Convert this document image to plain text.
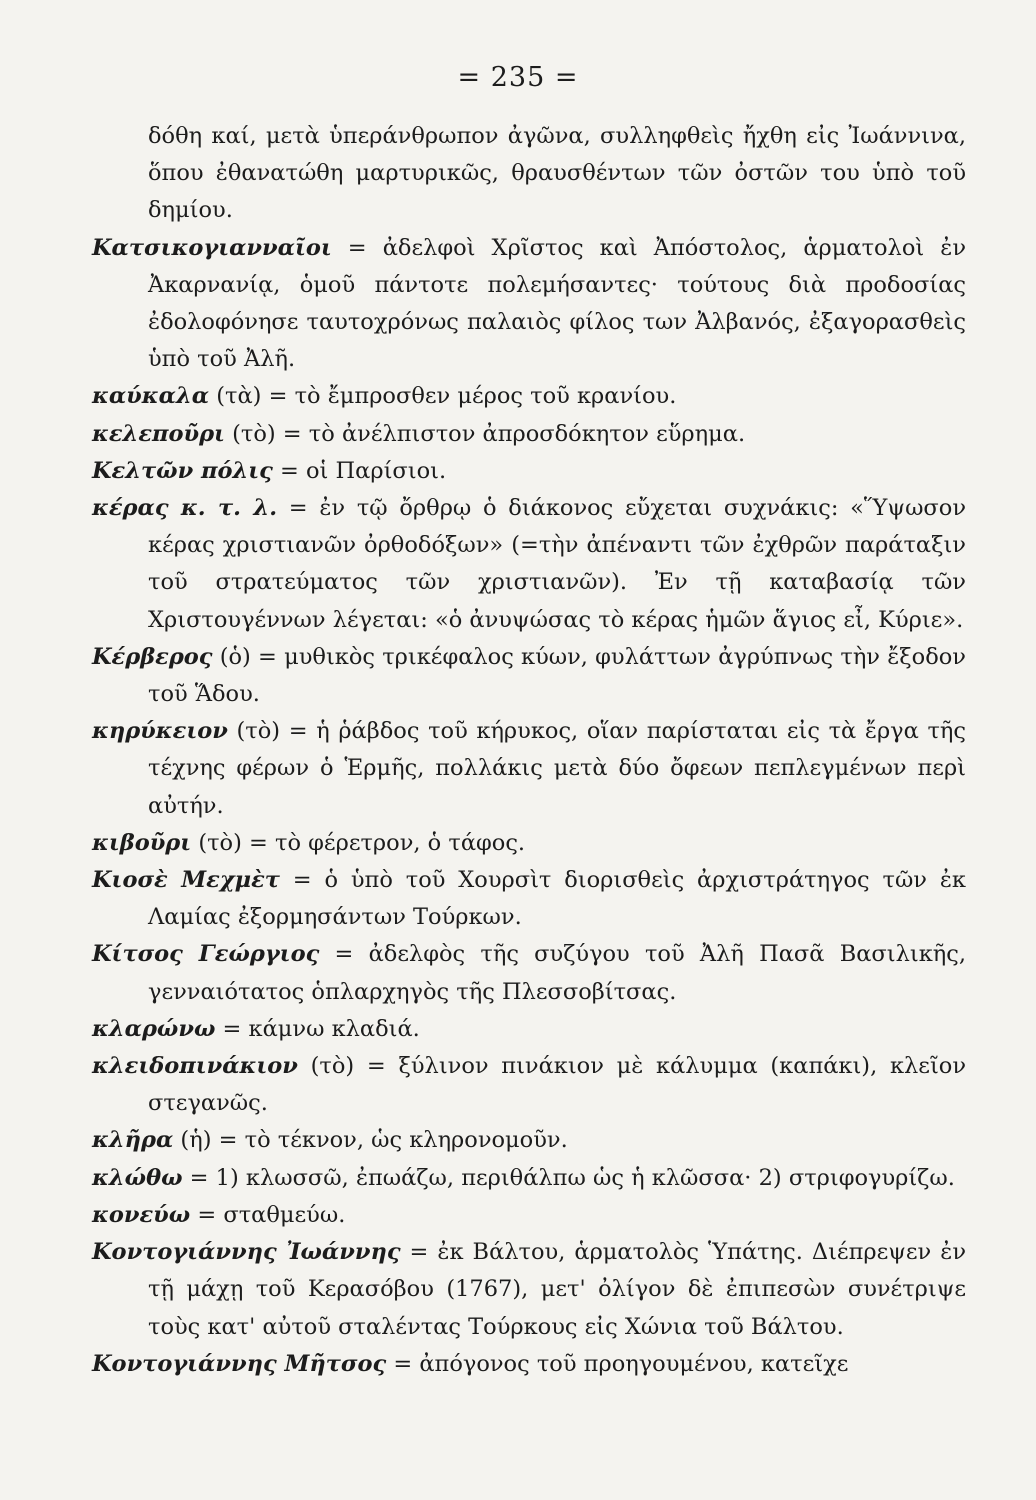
= 235 =

δόθη καί, μετὰ ὑπεράνθρωπον ἀγῶνα, συλληφθεὶς ἤχθη εἰς Ἰωάννινα, ὅπου ἐθανατώθη μαρτυρικῶς, θραυσθέντων τῶν ὀστῶν του ὑπὸ τοῦ δημίου.

Κατσικογιανναῖοι = ἀδελφοὶ Χρῖστος καὶ Ἀπόστολος, ἁρματολοὶ ἐν Ἀκαρνανίᾳ, ὁμοῦ πάντοτε πολεμήσαντες· τούτους διὰ προδοσίας ἐδολοφόνησε ταυτοχρόνως παλαιὸς φίλος των Ἀλβανός, ἐξαγορασθεὶς ὑπὸ τοῦ Ἀλῆ.

καύκαλα (τὰ) = τὸ ἔμπροσθεν μέρος τοῦ κρανίου.

κελεποῦρι (τὸ) = τὸ ἀνέλπιστον ἀπροσδόκητον εὕρημα.

Κελτῶν πόλις = οἱ Παρίσιοι.

κέρας κ. τ. λ. = ἐν τῷ ὄρθρῳ ὁ διάκονος εὔχεται συχνάκις: «Ὕψωσον κέρας χριστιανῶν ὀρθοδόξων» (=τὴν ἀπέναντι τῶν ἐχθρῶν παράταξιν τοῦ στρατεύματος τῶν χριστιανῶν). Ἐν τῇ καταβασίᾳ τῶν Χριστουγέννων λέγεται: «ὁ ἀνυψώσας τὸ κέρας ἡμῶν ἅγιος εἶ, Κύριε».

Κέρβερος (ὁ) = μυθικὸς τρικέφαλος κύων, φυλάττων ἀγρύπνως τὴν ἔξοδον τοῦ Ἅδου.

κηρύκειον (τὸ) = ἡ ῥάβδος τοῦ κήρυκος, οἵαν παρίσταται εἰς τὰ ἔργα τῆς τέχνης φέρων ὁ Ἑρμῆς, πολλάκις μετὰ δύο ὄφεων πεπλεγμένων περὶ αὐτήν.

κιβοῦρι (τὸ) = τὸ φέρετρον, ὁ τάφος.

Κιοσὲ Μεχμὲτ = ὁ ὑπὸ τοῦ Χουρσὶτ διορισθεὶς ἀρχιστράτηγος τῶν ἐκ Λαμίας ἐξορμησάντων Τούρκων.

Κίτσος Γεώργιος = ἀδελφὸς τῆς συζύγου τοῦ Ἀλῆ Πασᾶ Βασιλικῆς, γενναιότατος ὁπλαρχηγὸς τῆς Πλεσσοβίτσας.

κλαρώνω = κάμνω κλαδιά.

κλειδοπινάκιον (τὸ) = ξύλινον πινάκιον μὲ κάλυμμα (καπάκι), κλεῖον στεγανῶς.

κλῆρα (ἡ) = τὸ τέκνον, ὡς κληρονομοῦν.

κλώθω = 1) κλωσσῶ, ἐπωάζω, περιθάλπω ὡς ἡ κλῶσσα· 2) στριφογυρίζω.

κονεύω = σταθμεύω.

Κοντογιάννης Ἰωάννης = ἐκ Βάλτου, ἁρματολὸς Ὑπάτης. Διέπρεψεν ἐν τῇ μάχῃ τοῦ Κερασόβου (1767), μετ' ὀλίγον δὲ ἐπιπεσὼν συνέτριψε τοὺς κατ' αὐτοῦ σταλέντας Τούρκους εἰς Χώνια τοῦ Βάλτου.

Κοντογιάννης Μῆτσος = ἀπόγονος τοῦ προηγουμένου, κατεῖχε
